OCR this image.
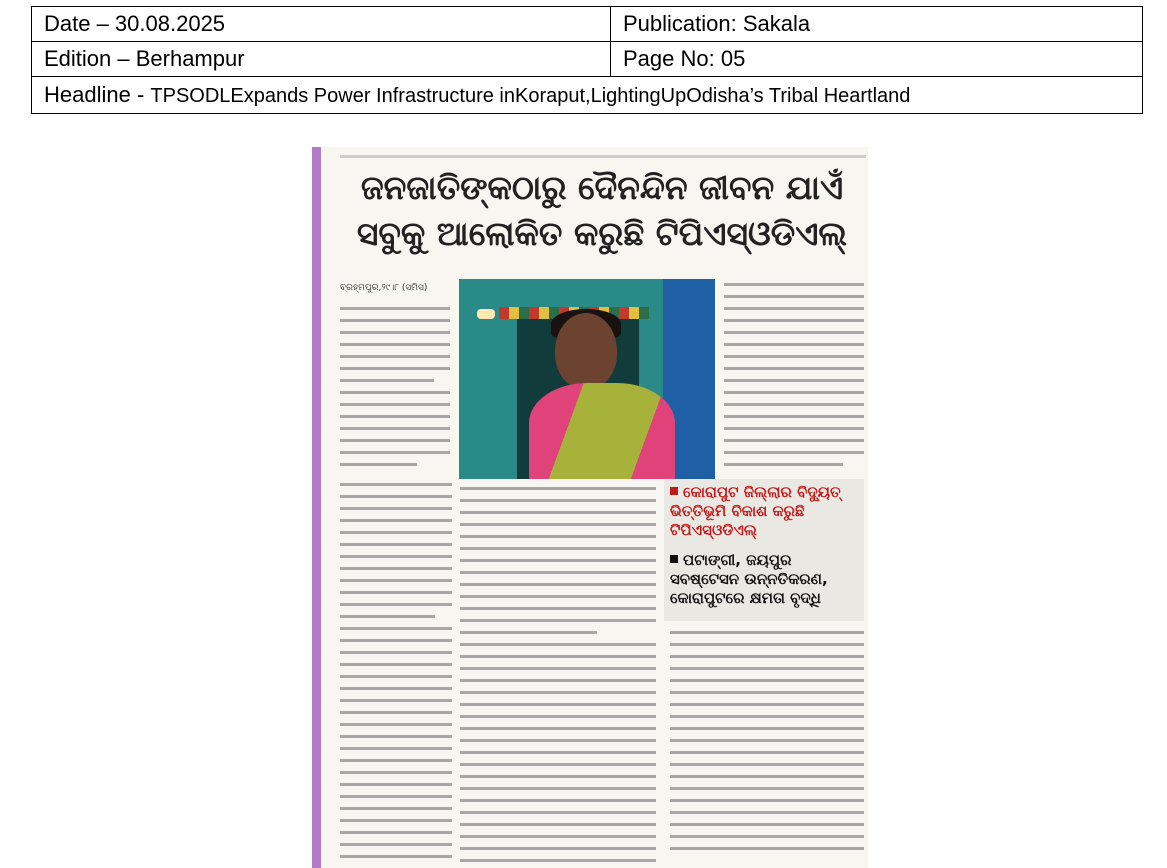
Date – 30.08.2025	Publication: Sakala
Edition – Berhampur	Page No: 05
Headline - TPSODLExpands Power Infrastructure inKoraput,LightingUpOdisha’s Tribal Heartland	
ଜନଜାତିଙ୍କଠାରୁ ଦୈନନ୍ଦିନ ଜୀବନ ଯାଏଁ
ସବୁକୁ ଆଲୋକିତ କରୁଛି ଟିପିଏସ୍‌ଓଡିଏଲ୍
ବ୍ରହ୍ମପୁର,୨୯।୮ (ସମିସ)
କୋରାପୁଟ ଜିଲ୍ଲାର ବିଦ୍ୟୁତ୍ ଭିତ୍ତିଭୂମି ବିକାଶ କରୁଛି ଟିପିଏସ୍‌ଓଡିଏଲ୍
ପଟାଙ୍ଗୀ, ଜୟପୁର ସବଷ୍ଟେସନ ଉନ୍ନତିକରଣ, କୋରାପୁଟରେ କ୍ଷମତା ବୃଦ୍ଧି
